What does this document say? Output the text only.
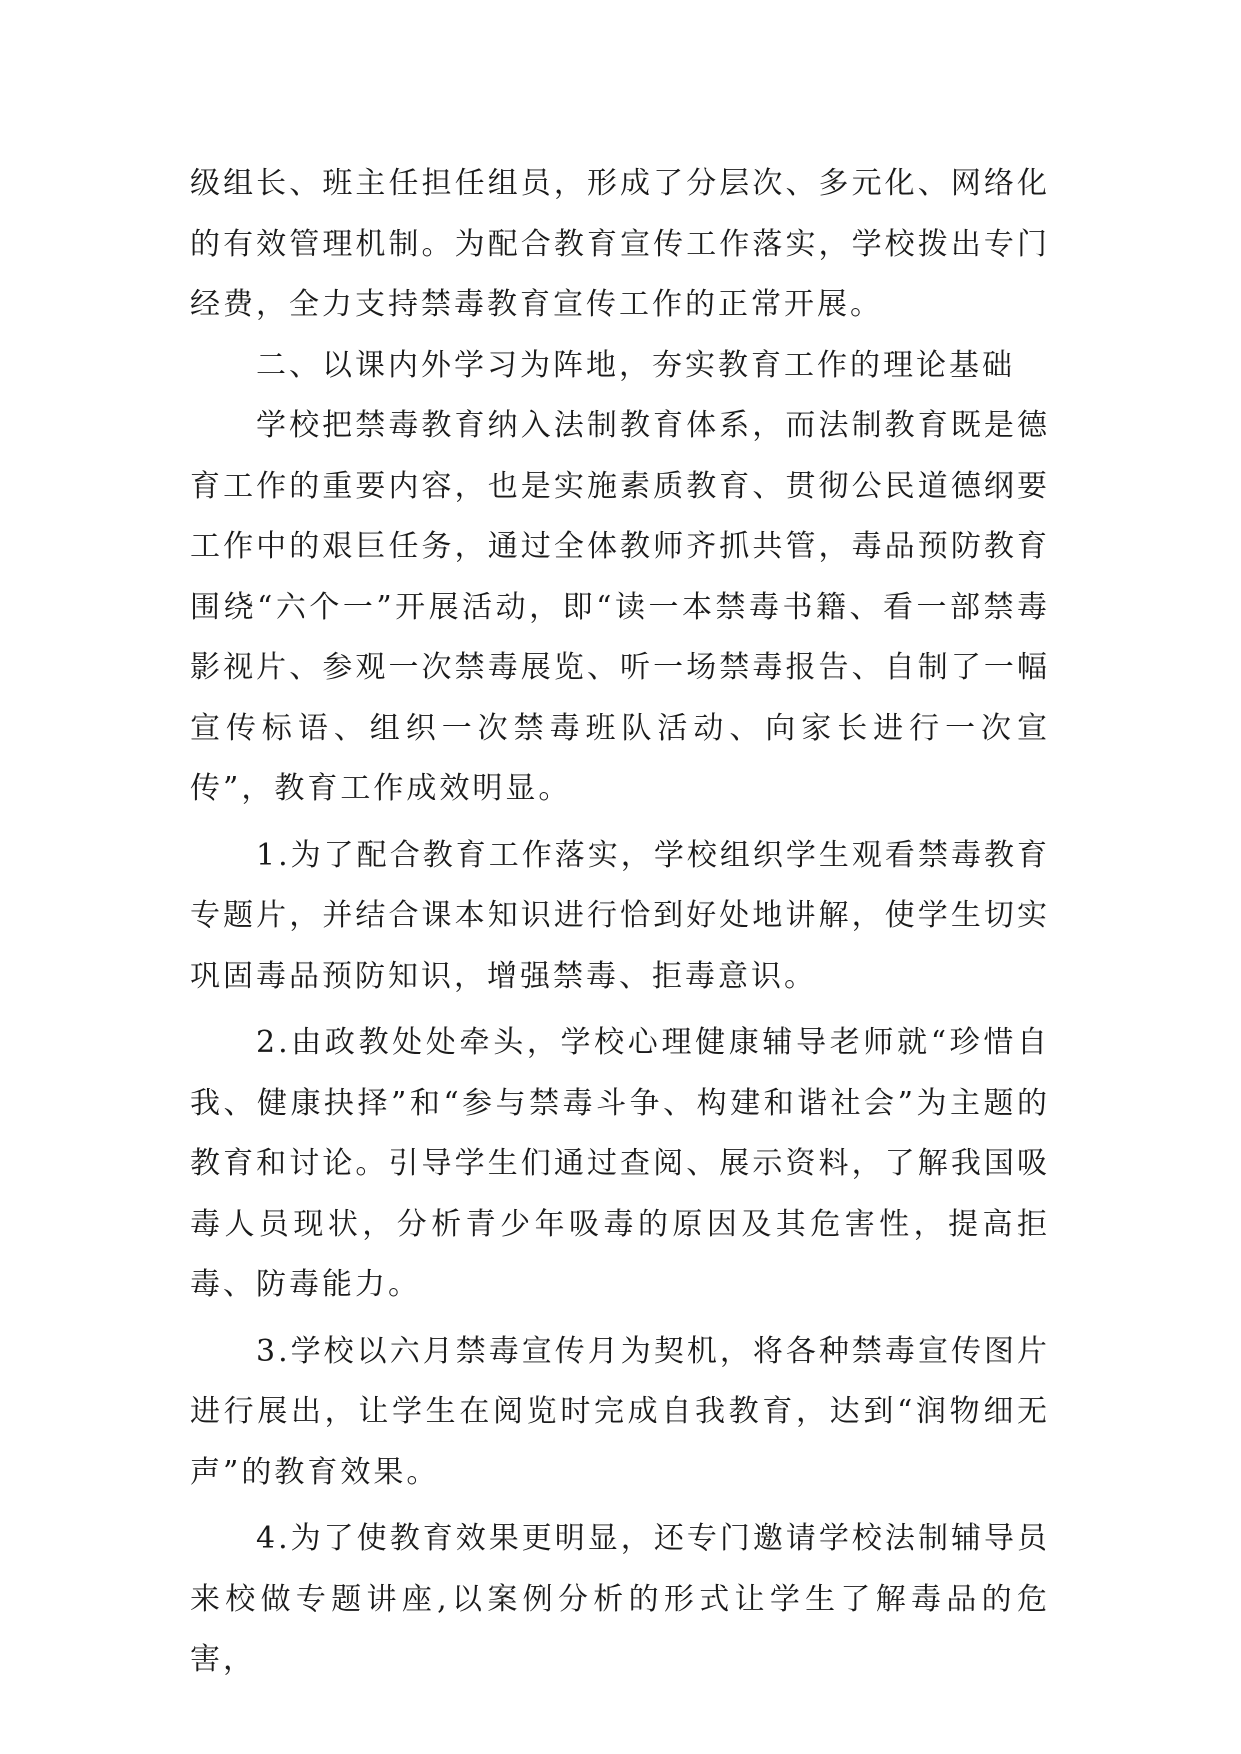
级组长、班主任担任组员，形成了分层次、多元化、网络化的有效管理机制。为配合教育宣传工作落实，学校拨出专门经费，全力支持禁毒教育宣传工作的正常开展。

二、以课内外学习为阵地，夯实教育工作的理论基础

学校把禁毒教育纳入法制教育体系，而法制教育既是德育工作的重要内容，也是实施素质教育、贯彻公民道德纲要工作中的艰巨任务，通过全体教师齐抓共管，毒品预防教育围绕“六个一”开展活动，即“读一本禁毒书籍、看一部禁毒影视片、参观一次禁毒展览、听一场禁毒报告、自制了一幅宣传标语、组织一次禁毒班队活动、向家长进行一次宣传”，教育工作成效明显。

1.为了配合教育工作落实，学校组织学生观看禁毒教育专题片，并结合课本知识进行恰到好处地讲解，使学生切实巩固毒品预防知识，增强禁毒、拒毒意识。

2.由政教处处牵头，学校心理健康辅导老师就“珍惜自我、健康抉择”和“参与禁毒斗争、构建和谐社会”为主题的教育和讨论。引导学生们通过查阅、展示资料，了解我国吸毒人员现状，分析青少年吸毒的原因及其危害性，提高拒毒、防毒能力。

3.学校以六月禁毒宣传月为契机，将各种禁毒宣传图片进行展出，让学生在阅览时完成自我教育，达到“润物细无声”的教育效果。

4.为了使教育效果更明显，还专门邀请学校法制辅导员来校做专题讲座,以案例分析的形式让学生了解毒品的危害，
